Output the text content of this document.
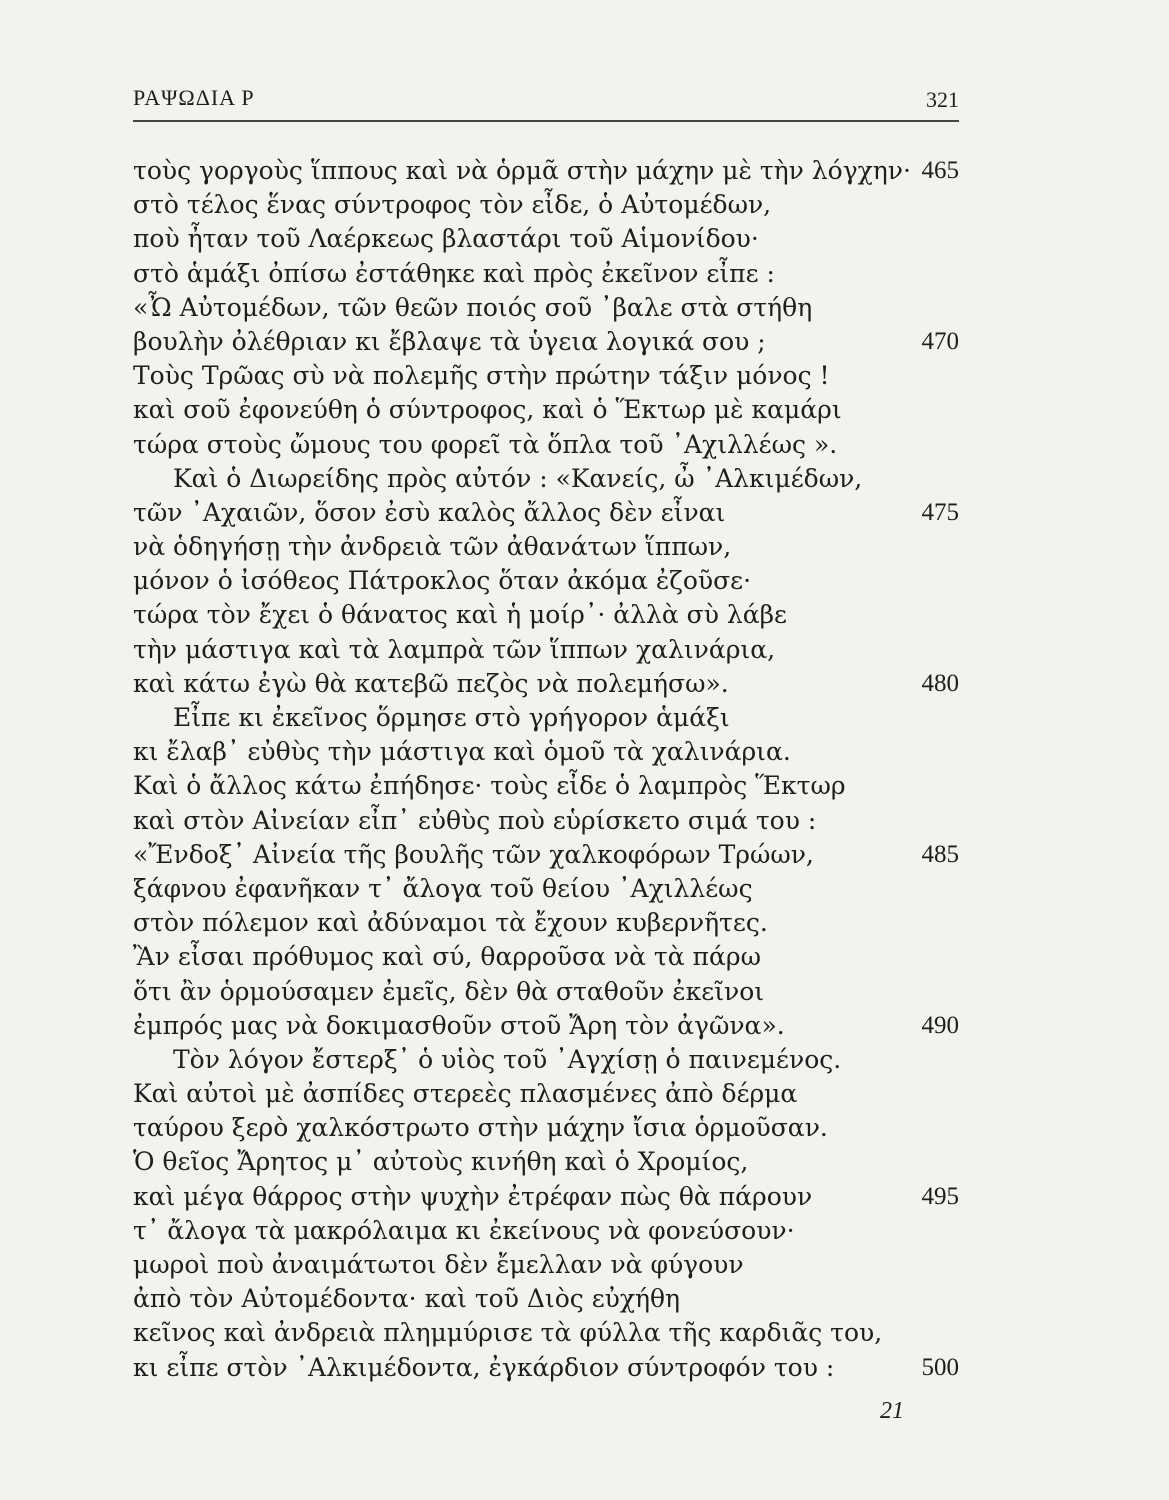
ΡΑΨΩΔΙΑ Ρ	321
τοὺς γοργοὺς ἵππους καὶ νὰ ὁρμᾶ στὴν μάχην μὲ τὴν λόγχην· 465
στὸ τέλος ἕνας σύντροφος τὸν εἶδε, ὁ Αὐτομέδων,
ποὺ ἦταν τοῦ Λαέρκεως βλαστάρι τοῦ Αἱμονίδου·
στὸ ἁμάξι ὀπίσω ἐστάθηκε καὶ πρὸς ἐκεῖνον εἶπε :
«Ὦ Αὐτομέδων, τῶν θεῶν ποιός σοῦ ᾿βαλε στὰ στήθη
βουλὴν ὀλέθριαν κι ἔβλαψε τὰ ὑγεια λογικά σου ;	470
Τοὺς Τρῶας σὺ νὰ πολεμῆς στὴν πρώτην τάξιν μόνος !
καὶ σοῦ ἐφονεύθη ὁ σύντροφος, καὶ ὁ Ἕκτωρ μὲ καμάρι
τώρα στοὺς ὤμους του φορεῖ τὰ ὅπλα τοῦ ᾿Αχιλλέως ».
Καὶ ὁ Διωρείδης πρὸς αὐτόν : «Κανείς, ὦ ᾿Αλκιμέδων,
τῶν ᾿Αχαιῶν, ὅσον ἐσὺ καλὸς ἄλλος δὲν εἶναι	475
νὰ ὁδηγήσῃ τὴν ἀνδρειὰ τῶν ἀθανάτων ἵππων,
μόνον ὁ ἰσόθεος Πάτροκλος ὅταν ἀκόμα ἐζοῦσε·
τώρα τὸν ἔχει ὁ θάνατος καὶ ἡ μοίρ᾿· ἀλλὰ σὺ λάβε
τὴν μάστιγα καὶ τὰ λαμπρὰ τῶν ἵππων χαλινάρια,
καὶ κάτω ἐγὼ θὰ κατεβῶ πεζὸς νὰ πολεμήσω».	480
Εἶπε κι ἐκεῖνος ὅρμησε στὸ γρήγορον ἁμάξι
κι ἔλαβ᾿ εὐθὺς τὴν μάστιγα καὶ ὁμοῦ τὰ χαλινάρια.
Καὶ ὁ ἄλλος κάτω ἐπήδησε· τοὺς εἶδε ὁ λαμπρὸς Ἕκτωρ
καὶ στὸν Αἰνείαν εἶπ᾿ εὐθὺς ποὺ εὑρίσκετο σιμά του :
«Ἔνδοξ᾿ Αἰνεία τῆς βουλῆς τῶν χαλκοφόρων Τρώων,	485
ξάφνου ἐφανῆκαν τ᾿ ἄλογα τοῦ θείου ᾿Αχιλλέως
στὸν πόλεμον καὶ ἀδύναμοι τὰ ἔχουν κυβερνῆτες.
Ἂν εἶσαι πρόθυμος καὶ σύ, θαρροῦσα νὰ τὰ πάρω
ὅτι ἂν ὁρμούσαμεν ἐμεῖς, δὲν θὰ σταθοῦν ἐκεῖνοι
ἐμπρός μας νὰ δοκιμασθοῦν στοῦ Ἄρη τὸν ἀγῶνα».	490
Τὸν λόγον ἔστερξ᾿ ὁ υἱὸς τοῦ ᾿Αγχίσῃ ὁ παινεμένος.
Καὶ αὐτοὶ μὲ ἀσπίδες στερεὲς πλασμένες ἀπὸ δέρμα
ταύρου ξερὸ χαλκόστρωτο στὴν μάχην ἴσια ὁρμοῦσαν.
Ὁ θεῖος Ἄρητος μ᾿ αὐτοὺς κινήθη καὶ ὁ Χρομίος,
καὶ μέγα θάρρος στὴν ψυχὴν ἐτρέφαν πὼς θὰ πάρουν	495
τ᾿ ἄλογα τὰ μακρόλαιμα κι ἐκείνους νὰ φονεύσουν·
μωροὶ ποὺ ἀναιμάτωτοι δὲν ἔμελλαν νὰ φύγουν
ἀπὸ τὸν Αὐτομέδοντα· καὶ τοῦ Διὸς εὐχήθη
κεῖνος καὶ ἀνδρειὰ πλημμύρισε τὰ φύλλα τῆς καρδιᾶς του,
κι εἶπε στὸν ᾿Αλκιμέδοντα, ἐγκάρδιον σύντροφόν του :	500
21
